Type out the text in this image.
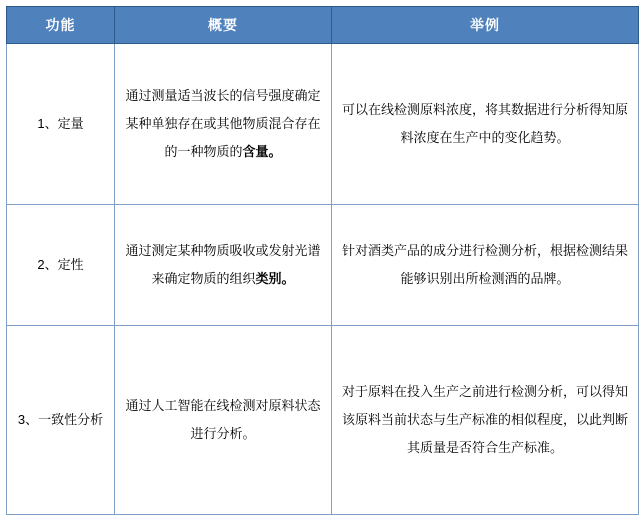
功能	概要	举例
1、定量	通过测量适当波长的信号强度确定某种单独存在或其他物质混合存在的一种物质的含量。	可以在线检测原料浓度，将其数据进行分析得知原料浓度在生产中的变化趋势。
2、定性	通过测定某种物质吸收或发射光谱来确定物质的组织类别。	针对酒类产品的成分进行检测分析，根据检测结果能够识别出所检测酒的品牌。
3、一致性分析	通过人工智能在线检测对原料状态进行分析。	对于原料在投入生产之前进行检测分析，可以得知该原料当前状态与生产标准的相似程度，以此判断其质量是否符合生产标准。
